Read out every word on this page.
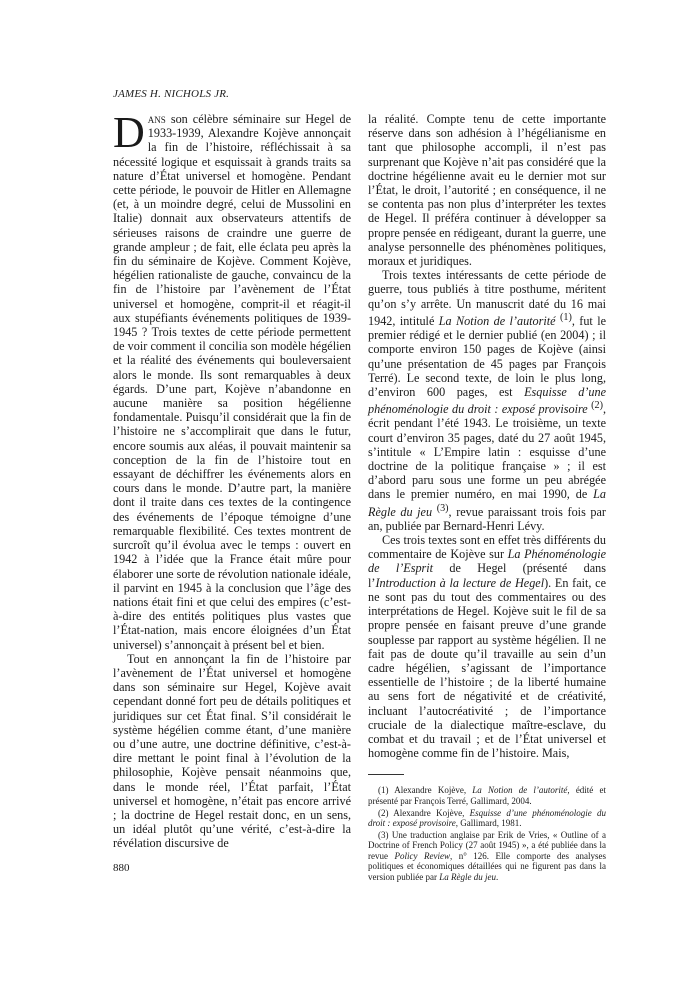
JAMES H. NICHOLS JR.

Dans son célèbre séminaire sur Hegel de 1933-1939, Alexandre Kojève annonçait la fin de l’histoire, réfléchissait à sa nécessité logique et esquissait à grands traits sa nature d’État universel et homogène. Pendant cette période, le pouvoir de Hitler en Allemagne (et, à un moindre degré, celui de Mussolini en Italie) donnait aux observateurs attentifs de sérieuses raisons de craindre une guerre de grande ampleur ; de fait, elle éclata peu après la fin du séminaire de Kojève. Comment Kojève, hégélien rationaliste de gauche, convaincu de la fin de l’histoire par l’avènement de l’État universel et homogène, comprit-il et réagit-il aux stupéfiants événements politiques de 1939-1945 ? Trois textes de cette période permettent de voir comment il concilia son modèle hégélien et la réalité des événements qui bouleversaient alors le monde. Ils sont remarquables à deux égards. D’une part, Kojève n’abandonne en aucune manière sa position hégélienne fondamentale. Puisqu’il considérait que la fin de l’histoire ne s’accomplirait que dans le futur, encore soumis aux aléas, il pouvait maintenir sa conception de la fin de l’histoire tout en essayant de déchiffrer les événements alors en cours dans le monde. D’autre part, la manière dont il traite dans ces textes de la contingence des événements de l’époque témoigne d’une remarquable flexibilité. Ces textes montrent de surcroît qu’il évolua avec le temps : ouvert en 1942 à l’idée que la France était mûre pour élaborer une sorte de révolution nationale idéale, il parvint en 1945 à la conclusion que l’âge des nations était fini et que celui des empires (c’est-à-dire des entités politiques plus vastes que l’État-nation, mais encore éloignées d’un État universel) s’annonçait à présent bel et bien.

Tout en annonçant la fin de l’histoire par l’avènement de l’État universel et homogène dans son séminaire sur Hegel, Kojève avait cependant donné fort peu de détails politiques et juridiques sur cet État final. S’il considérait le système hégélien comme étant, d’une manière ou d’une autre, une doctrine définitive, c’est-à-dire mettant le point final à l’évolution de la philosophie, Kojève pensait néanmoins que, dans le monde réel, l’État parfait, l’État universel et homogène, n’était pas encore arrivé ; la doctrine de Hegel restait donc, en un sens, un idéal plutôt qu’une vérité, c’est-à-dire la révélation discursive de

la réalité. Compte tenu de cette importante réserve dans son adhésion à l’hégélianisme en tant que philosophe accompli, il n’est pas surprenant que Kojève n’ait pas considéré que la doctrine hégélienne avait eu le dernier mot sur l’État, le droit, l’autorité ; en conséquence, il ne se contenta pas non plus d’interpréter les textes de Hegel. Il préféra continuer à développer sa propre pensée en rédigeant, durant la guerre, une analyse personnelle des phénomènes politiques, moraux et juridiques.

Trois textes intéressants de cette période de guerre, tous publiés à titre posthume, méritent qu’on s’y arrête. Un manuscrit daté du 16 mai 1942, intitulé La Notion de l’autorité $^{(1)}$, fut le premier rédigé et le dernier publié (en 2004) ; il comporte environ 150 pages de Kojève (ainsi qu’une présentation de 45 pages par François Terré). Le second texte, de loin le plus long, d’environ 600 pages, est Esquisse d’une phénoménologie du droit : exposé provisoire $^{(2)}$, écrit pendant l’été 1943. Le troisième, un texte court d’environ 35 pages, daté du 27 août 1945, s’intitule « L’Empire latin : esquisse d’une doctrine de la politique française » ; il est d’abord paru sous une forme un peu abrégée dans le premier numéro, en mai 1990, de La Règle du jeu $^{(3)}$, revue paraissant trois fois par an, publiée par Bernard-Henri Lévy.

Ces trois textes sont en effet très différents du commentaire de Kojève sur La Phénoménologie de l’Esprit de Hegel (présenté dans l’Introduction à la lecture de Hegel). En fait, ce ne sont pas du tout des commentaires ou des interprétations de Hegel. Kojève suit le fil de sa propre pensée en faisant preuve d’une grande souplesse par rapport au système hégélien. Il ne fait pas de doute qu’il travaille au sein d’un cadre hégélien, s’agissant de l’importance essentielle de l’histoire ; de la liberté humaine au sens fort de négativité et de créativité, incluant l’autocréativité ; de l’importance cruciale de la dialectique maître-esclave, du combat et du travail ; et de l’État universel et homogène comme fin de l’histoire. Mais,

(1) Alexandre Kojève, La Notion de l’autorité, édité et présenté par François Terré, Gallimard, 2004.

(2) Alexandre Kojève, Esquisse d’une phénoménologie du droit : exposé provisoire, Gallimard, 1981.

(3) Une traduction anglaise par Erik de Vries, « Outline of a Doctrine of French Policy (27 août 1945) », a été publiée dans la revue Policy Review, n° 126. Elle comporte des analyses politiques et économiques détaillées qui ne figurent pas dans la version publiée par La Règle du jeu.

880
